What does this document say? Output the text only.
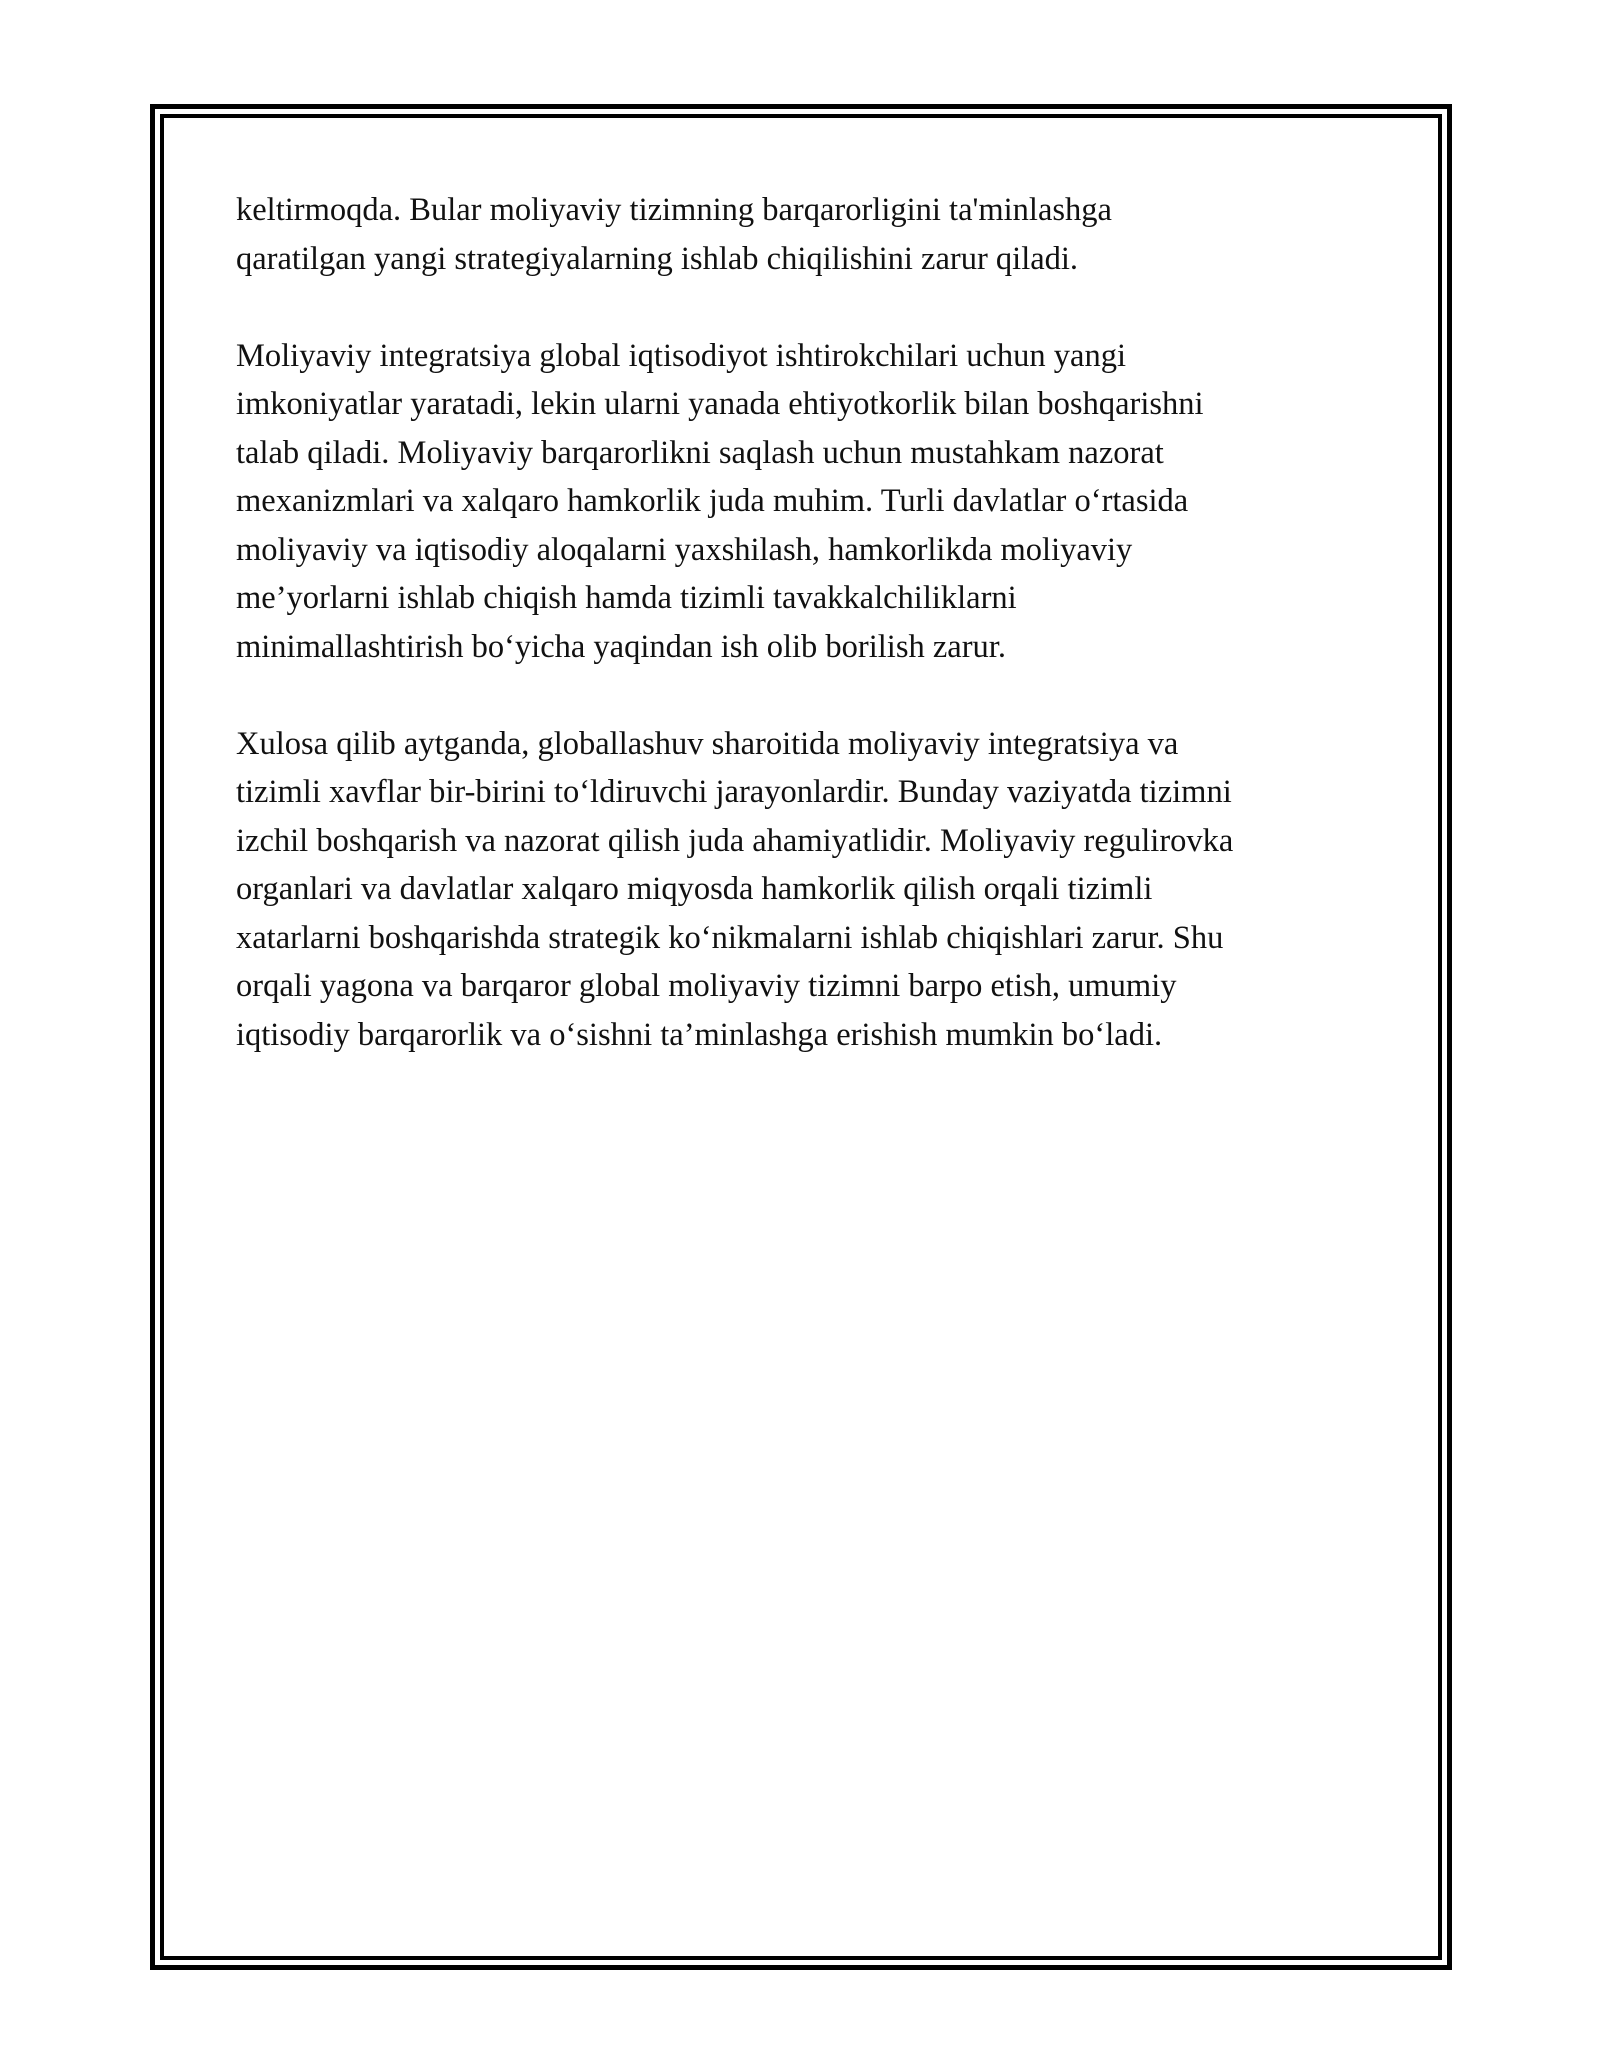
keltirmoqda. Bular moliyaviy tizimning barqarorligini ta'minlashga
qaratilgan yangi strategiyalarning ishlab chiqilishini zarur qiladi.

Moliyaviy integratsiya global iqtisodiyot ishtirokchilari uchun yangi
imkoniyatlar yaratadi, lekin ularni yanada ehtiyotkorlik bilan boshqarishni
talab qiladi. Moliyaviy barqarorlikni saqlash uchun mustahkam nazorat
mexanizmlari va xalqaro hamkorlik juda muhim. Turli davlatlar o‘rtasida
moliyaviy va iqtisodiy aloqalarni yaxshilash, hamkorlikda moliyaviy
me’yorlarni ishlab chiqish hamda tizimli tavakkalchiliklarni
minimallashtirish bo‘yicha yaqindan ish olib borilish zarur.

Xulosa qilib aytganda, globallashuv sharoitida moliyaviy integratsiya va
tizimli xavflar bir-birini to‘ldiruvchi jarayonlardir. Bunday vaziyatda tizimni
izchil boshqarish va nazorat qilish juda ahamiyatlidir. Moliyaviy regulirovka
organlari va davlatlar xalqaro miqyosda hamkorlik qilish orqali tizimli
xatarlarni boshqarishda strategik ko‘nikmalarni ishlab chiqishlari zarur. Shu
orqali yagona va barqaror global moliyaviy tizimni barpo etish, umumiy
iqtisodiy barqarorlik va o‘sishni ta’minlashga erishish mumkin bo‘ladi.
